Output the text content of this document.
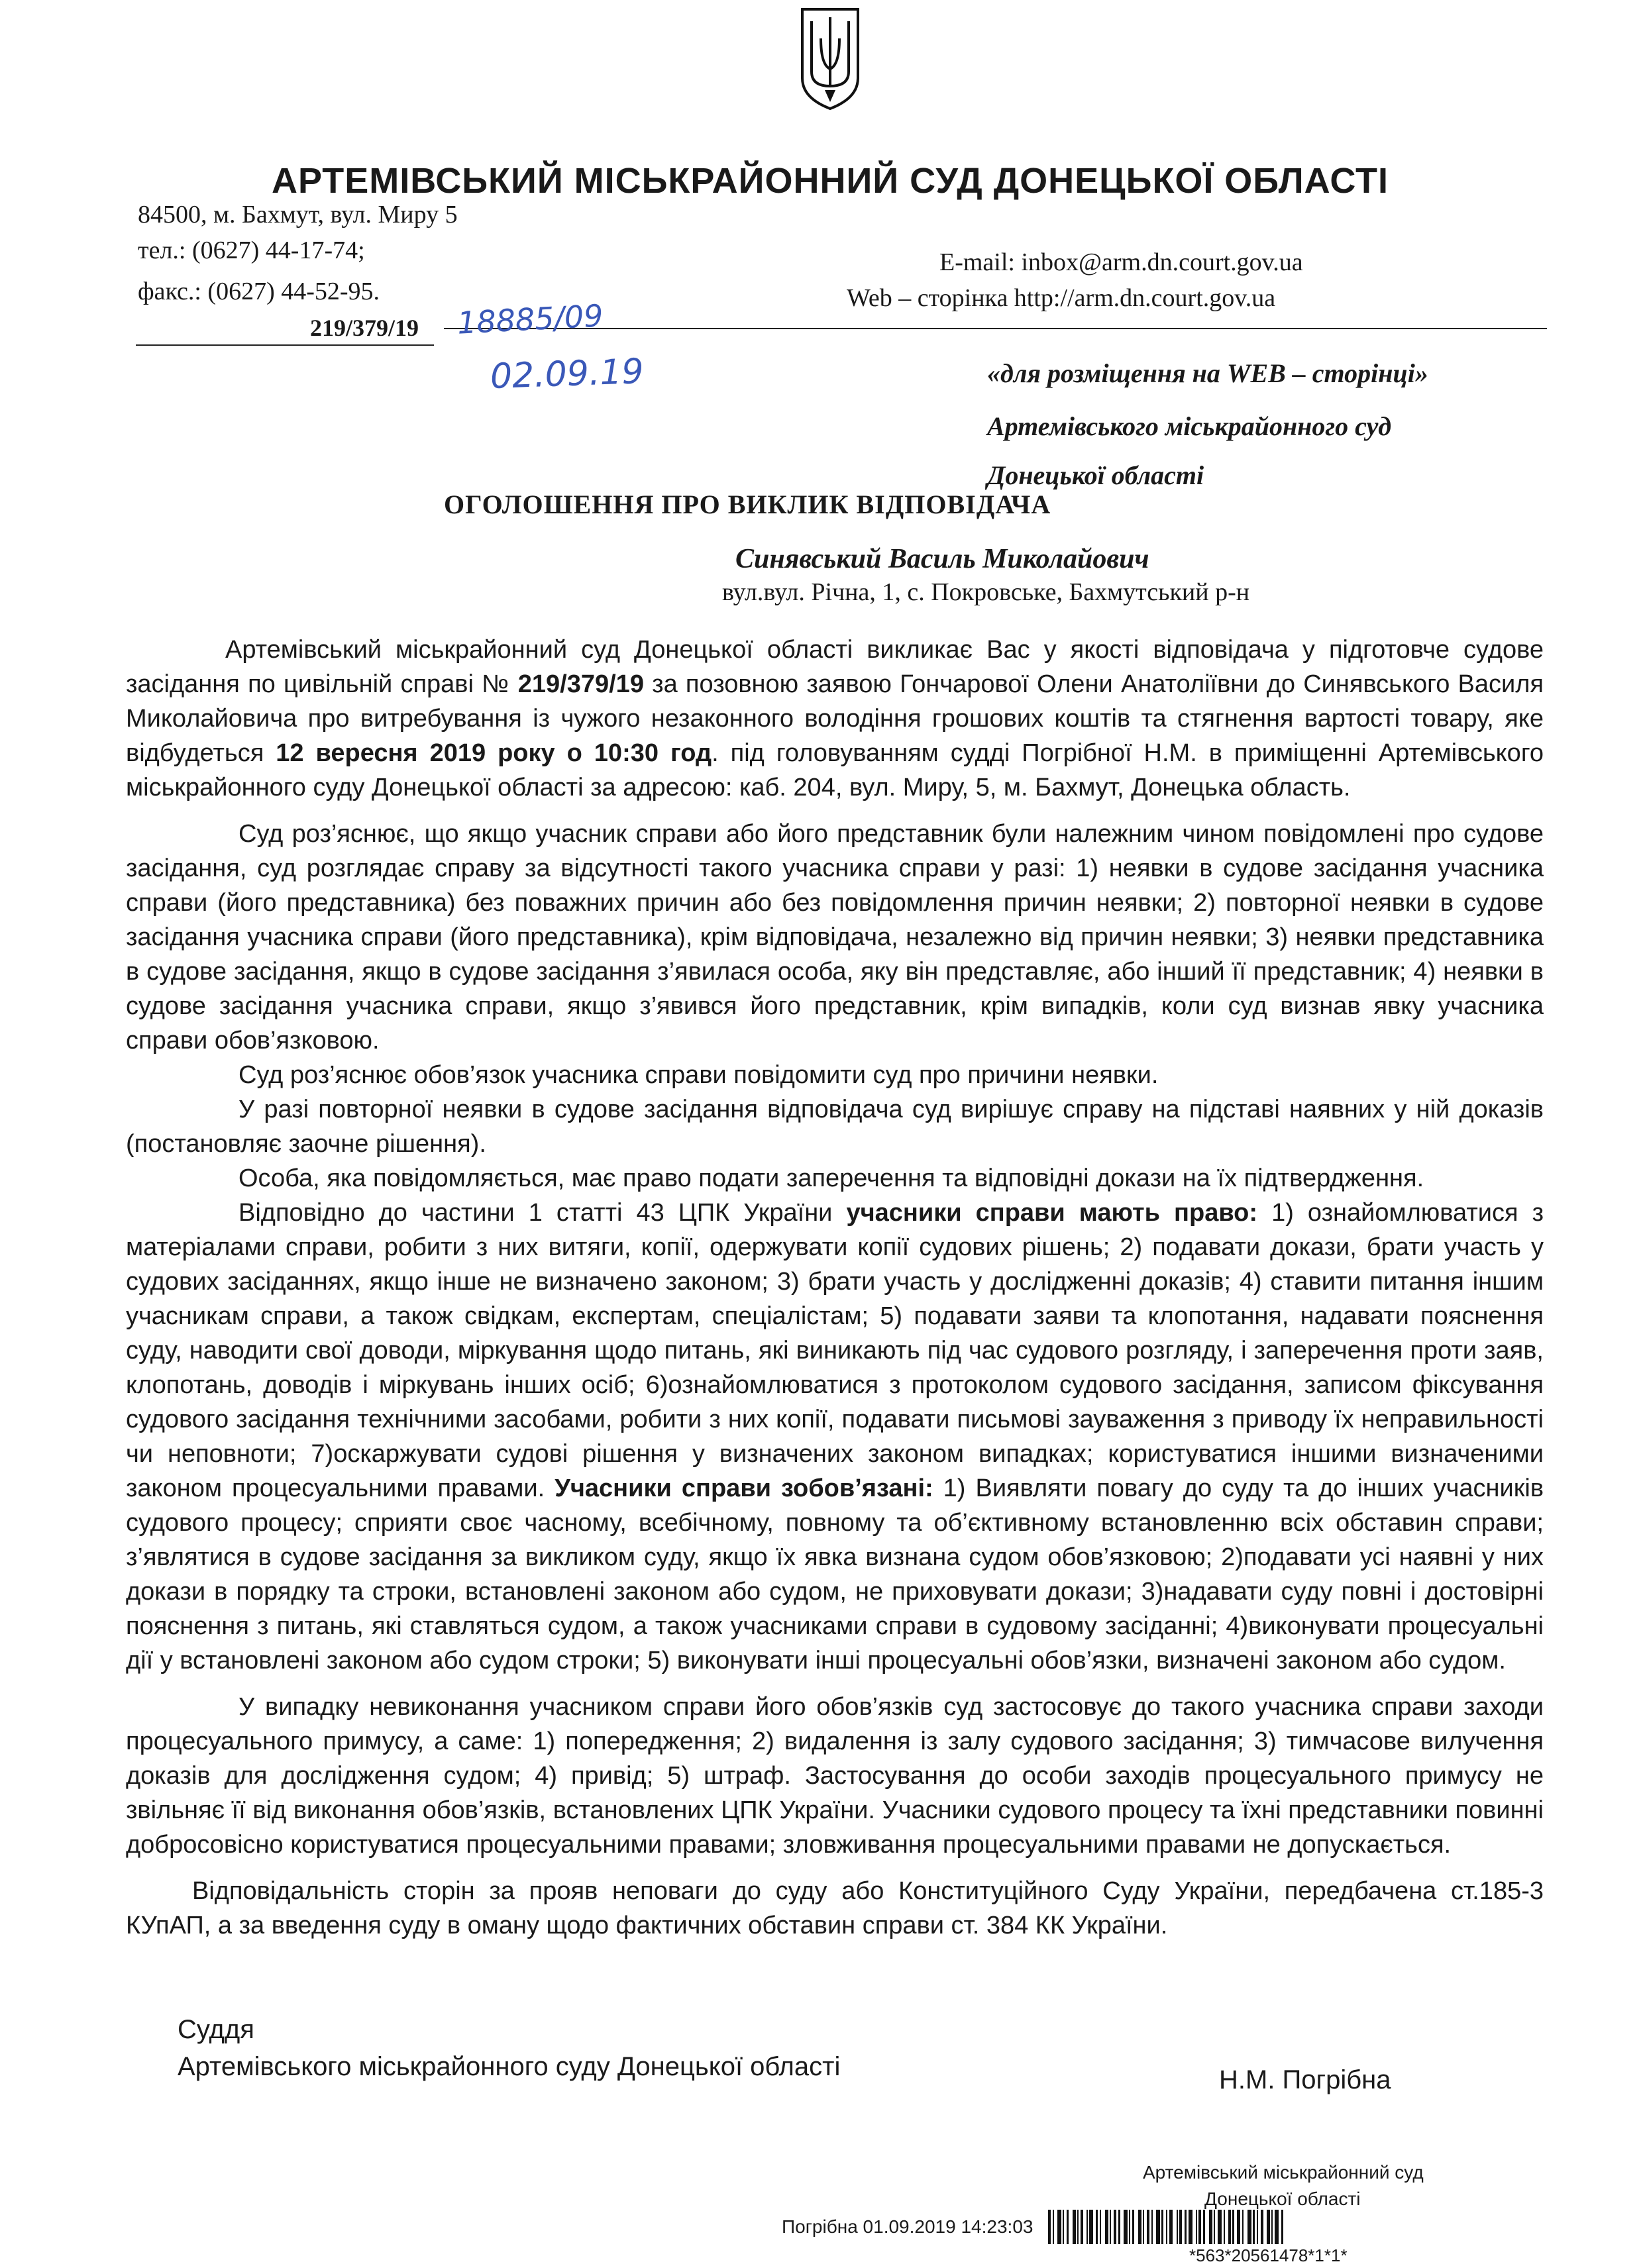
АРТЕМІВСЬКИЙ МІСЬКРАЙОННИЙ СУД ДОНЕЦЬКОЇ ОБЛАСТІ
84500, м. Бахмут, вул. Миру 5
тел.: (0627) 44-17-74;
факс.: (0627) 44-52-95.
E-mail: inbox@arm.dn.court.gov.ua
Web – сторінка http://arm.dn.court.gov.ua
219/379/19 18885/09
02.09.19	«для розміщення на WEB – сторінці»
Артемівського міськрайонного суд
Донецької області
ОГОЛОШЕННЯ ПРО ВИКЛИК ВІДПОВІДАЧА
Синявський Василь Миколайович
вул.вул. Річна, 1, с. Покровське, Бахмутський р-н

Артемівський міськрайонний суд Донецької області викликає Вас у якості відповідача у підготовче судове засідання по цивільній справі № 219/379/19 за позовною заявою Гончарової Олени Анатоліївни до Синявського Василя Миколайовича про витребування із чужого незаконного володіння грошових коштів та стягнення вартості товару, яке відбудеться 12 вересня 2019 року о 10:30 год. під головуванням судді Погрібної Н.М. в приміщенні Артемівського міськрайонного суду Донецької області за адресою: каб. 204, вул. Миру, 5, м. Бахмут, Донецька область.

Суд роз’яснює, що якщо учасник справи або його представник були належним чином повідомлені про судове засідання, суд розглядає справу за відсутності такого учасника справи у разі: 1) неявки в судове засідання учасника справи (його представника) без поважних причин або без повідомлення причин неявки; 2) повторної неявки в судове засідання учасника справи (його представника), крім відповідача, незалежно від причин неявки; 3) неявки представника в судове засідання, якщо в судове засідання з’явилася особа, яку він представляє, або інший її представник; 4) неявки в судове засідання учасника справи, якщо з’явився його представник, крім випадків, коли суд визнав явку учасника справи обов’язковою.

Суд роз’яснює обов’язок учасника справи повідомити суд про причини неявки.

У разі повторної неявки в судове засідання відповідача суд вирішує справу на підставі наявних у ній доказів (постановляє заочне рішення).

Особа, яка повідомляється, має право подати заперечення та відповідні докази на їх підтвердження.

Відповідно до частини 1 статті 43 ЦПК України учасники справи мають право: 1) ознайомлюватися з матеріалами справи, робити з них витяги, копії, одержувати копії судових рішень; 2) подавати докази, брати участь у судових засіданнях, якщо інше не визначено законом; 3) брати участь у дослідженні доказів; 4) ставити питання іншим учасникам справи, а також свідкам, експертам, спеціалістам; 5) подавати заяви та клопотання, надавати пояснення суду, наводити свої доводи, міркування щодо питань, які виникають під час судового розгляду, і заперечення проти заяв, клопотань, доводів і міркувань інших осіб; 6)ознайомлюватися з протоколом судового засідання, записом фіксування судового засідання технічними засобами, робити з них копії, подавати письмові зауваження з приводу їх неправильності чи неповноти; 7)оскаржувати судові рішення у визначених законом випадках; користуватися іншими визначеними законом процесуальними правами. Учасники справи зобов’язані: 1) Виявляти повагу до суду та до інших учасників судового процесу; сприяти своє часному, всебічному, повному та об’єктивному встановленню всіх обставин справи; з’являтися в судове засідання за викликом суду, якщо їх явка визнана судом обов’язковою; 2)подавати усі наявні у них докази в порядку та строки, встановлені законом або судом, не приховувати докази; 3)надавати суду повні і достовірні пояснення з питань, які ставляться судом, а також учасниками справи в судовому засіданні; 4)виконувати процесуальні дії у встановлені законом або судом строки; 5) виконувати інші процесуальні обов’язки, визначені законом або судом.

У випадку невиконання учасником справи його обов’язків суд застосовує до такого учасника справи заходи процесуального примусу, а саме: 1) попередження; 2) видалення із залу судового засідання; 3) тимчасове вилучення доказів для дослідження судом; 4) привід; 5) штраф. Застосування до особи заходів процесуального примусу не звільняє її від виконання обов’язків, встановлених ЦПК України. Учасники судового процесу та їхні представники повинні добросовісно користуватися процесуальними правами; зловживання процесуальними правами не допускається.

Відповідальність сторін за прояв неповаги до суду або Конституційного Суду України, передбачена ст.185-3 КУпАП, а за введення суду в оману щодо фактичних обставин справи ст. 384 КК України.

Суддя
Артемівського міськрайонного суду Донецької області	Н.М. Погрібна
Артемівський міськрайонний суд
Донецької області
Погрібна 01.09.2019 14:23:03
*563*20561478*1*1*
